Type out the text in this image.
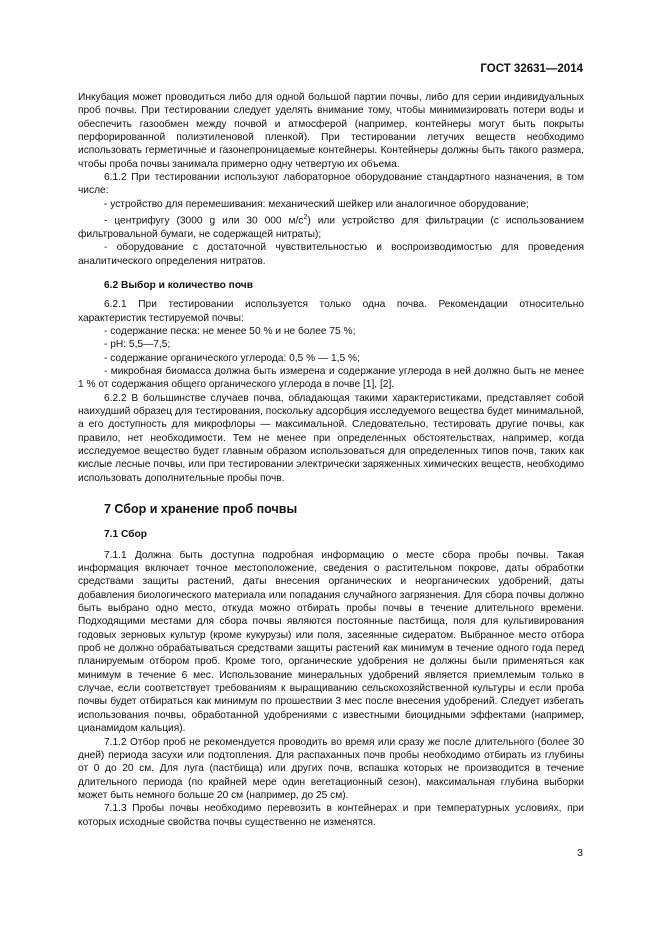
ГОСТ 32631—2014

Инкубация может проводиться либо для одной большой партии почвы, либо для серии индивидуальных проб почвы. При тестировании следует уделять внимание тому, чтобы минимизировать потери воды и обеспечить газообмен между почвой и атмосферой (например, контейнеры могут быть покрыты перфорированной полиэтиленовой пленкой). При тестировании летучих веществ необходимо использовать герметичные и газонепроницаемые контейнеры. Контейнеры должны быть такого размера, чтобы проба почвы занимала примерно одну четвертую их объема.

6.1.2 При тестировании используют лабораторное оборудование стандартного назначения, в том числе:

- устройство для перемешивания: механический шейкер или аналогичное оборудование;

- центрифугу (3000 g или 30 000 $м/с^2$) или устройство для фильтрации (с использованием фильтровальной бумаги, не содержащей нитраты);

- оборудование с достаточной чувствительностью и воспроизводимостью для проведения аналитического определения нитратов.

6.2 Выбор и количество почв

6.2.1 При тестировании используется только одна почва. Рекомендации относительно характеристик тестируемой почвы:

- содержание песка: не менее 50 % и не более 75 %;

- pH: 5,5—7,5;

- содержание органического углерода: 0,5 % — 1,5 %;

- микробная биомасса должна быть измерена и содержание углерода в ней должно быть не менее 1 % от содержания общего органического углерода в почве [1], [2].

6.2.2 В большинстве случаев почва, обладающая такими характеристиками, представляет собой наихудший образец для тестирования, поскольку адсорбция исследуемого вещества будет минимальной, а его доступность для микрофлоры — максимальной. Следовательно, тестировать другие почвы, как правило, нет необходимости. Тем не менее при определенных обстоятельствах, например, когда исследуемое вещество будет главным образом использоваться для определенных типов почв, таких как кислые лесные почвы, или при тестировании электрически заряженных химических веществ, необходимо использовать дополнительные пробы почв.

7 Сбор и хранение проб почвы

7.1 Сбор

7.1.1 Должна быть доступна подробная информацию о месте сбора пробы почвы. Такая информация включает точное местоположение, сведения о растительном покрове, даты обработки средствами защиты растений, даты внесения органических и неорганических удобрений, даты добавления биологического материала или попадания случайного загрязнения. Для сбора почвы должно быть выбрано одно место, откуда можно отбирать пробы почвы в течение длительного времени. Подходящими местами для сбора почвы являются постоянные пастбища, поля для культивирования годовых зерновых культур (кроме кукурузы) или поля, засеянные сидератом. Выбранное место отбора проб не должно обрабатываться средствами защиты растений как минимум в течение одного года перед планируемым отбором проб. Кроме того, органические удобрения не должны были применяться как минимум в течение 6 мес. Использование минеральных удобрений является приемлемым только в случае, если соответствует требованиям к выращиванию сельскохозяйственной культуры и если проба почвы будет отбираться как минимум по прошествии 3 мес после внесения удобрений. Следует избегать использования почвы, обработанной удобрениями с известными биоцидными эффектами (например, цианамидом кальция).

7.1.2 Отбор проб не рекомендуется проводить во время или сразу же после длительного (более 30 дней) периода засухи или подтопления. Для распаханных почв пробы необходимо отбирать из глубины от 0 до 20 см. Для луга (пастбища) или других почв, вспашка которых не производится в течение длительного периода (по крайней мере один вегетационный сезон), максимальная глубина выборки может быть немного больше 20 см (например, до 25 см).

7.1.3 Пробы почвы необходимо перевозить в контейнерах и при температурных условиях, при которых исходные свойства почвы существенно не изменятся.

3
